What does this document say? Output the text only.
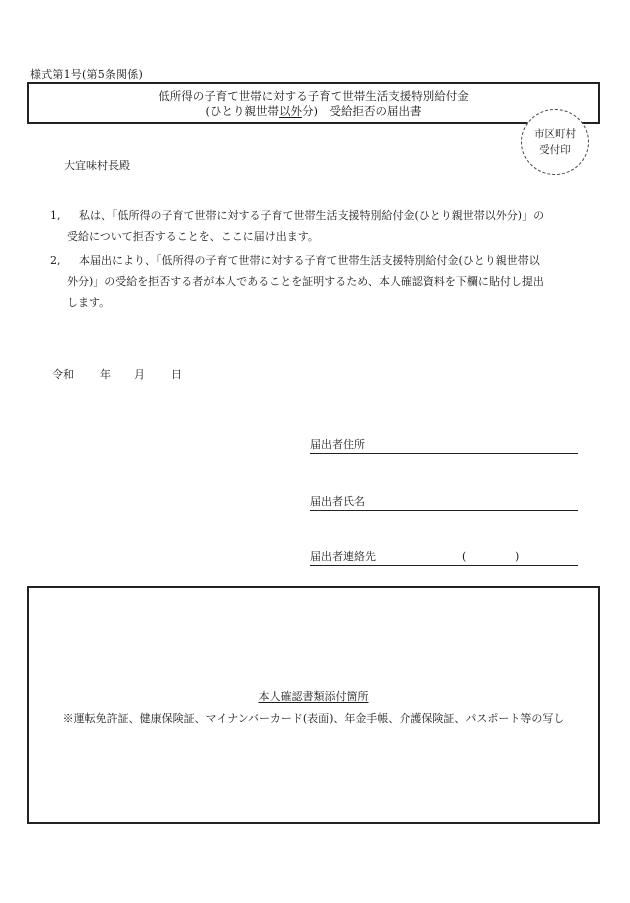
様式第1号(第5条関係)
低所得の子育て世帯に対する子育て世帯生活支援特別給付金
(ひとり親世帯以外分)　受給拒否の届出書
市区町村
受付印
大宜味村長殿
1,	私は、「低所得の子育て世帯に対する子育て世帯生活支援特別給付金(ひとり親世帯以外分)」の
受給について拒否することを、ここに届け出ます。
2,	本届出により、「低所得の子育て世帯に対する子育て世帯生活支援特別給付金(ひとり親世帯以
外分)」の受給を拒否する者が本人であることを証明するため、本人確認資料を下欄に貼付し提出
します。
令和 年 月 日
届出者住所
届出者氏名
届出者連絡先	(	)
本人確認書類添付箇所
※運転免許証、健康保険証、マイナンバーカード(表面)、年金手帳、介護保険証、パスポート等の写し
